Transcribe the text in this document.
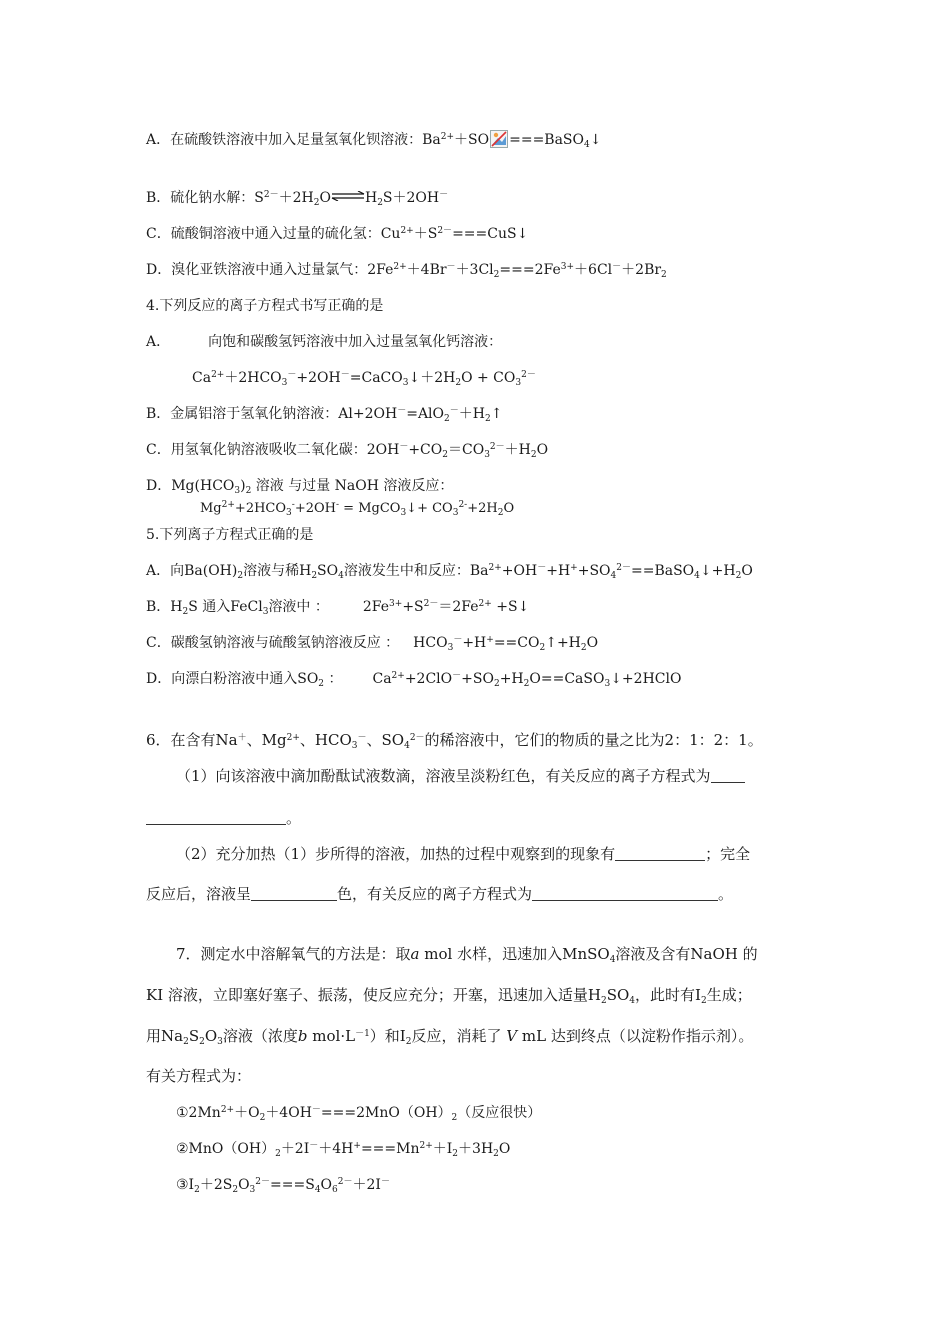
A．在硫酸铁溶液中加入足量氢氧化钡溶液：$Ba^{2+}+SO$ ===BaSO$_4$↓
B．硫化钠水解：$S^{2-}+2H_2O\rightleftharpoons H_2S+2OH^-$
C．硫酸铜溶液中通入过量的硫化氢：$Cu^{2+}+S^{2-}===CuS↓$
D．溴化亚铁溶液中通入过量氯气：$2Fe^{2+}+4Br^-+3Cl_2===2Fe^{3+}+6Cl^-+2Br_2$
4.下列反应的离子方程式书写正确的是
A．	向饱和碳酸氢钙溶液中加入过量氢氧化钙溶液：
$Ca^{2+}+2HCO_3^-+2OH^-=CaCO_3↓+2H_2O + CO_3^{2-}$
B．金属铝溶于氢氧化钠溶液：$Al+2OH^-=AlO_2^-+H_2↑$
C．用氢氧化钠溶液吸收二氧化碳：$2OH^-+CO_2=CO_3^{2-}+H_2O$
D．$Mg(HCO_3)_2$ 溶液 与过量 NaOH 溶液反应：
$Mg^{2+}+2HCO_3^-+2OH^-$ = MgCO$_3$↓+ $CO_3^{2-}+2H_2O$
5.下列离子方程式正确的是
A．向$Ba(OH)_2$溶液与稀$H_2SO_4$溶液发生中和反应：$Ba^{2+}+OH^-+H^++SO_4^{2-}==BaSO_4↓+H_2O$
B．$H_2S$ 通入FeCl$_3$溶液中 ： $2Fe^{3+}+S^{2-}=2Fe^{2+}$ +S↓
C．碳酸氢钠溶液与硫酸氢钠溶液反应 ： $HCO_3^-+H^+==CO_2↑+H_2O$
D．向漂白粉溶液中通入$SO_2$ ： $Ca^{2+}+2ClO^-+SO_2+H_2O==CaSO_3↓+2HClO$
6．在含有Na＋、$Mg^{2+}$、$HCO_3^-$、$SO_4^{2-}$的稀溶液中，它们的物质的量之比为2：1：2：1。
（1）向该溶液中滴加酚酞试液数滴，溶液呈淡粉红色，有关反应的离子方程式为
。
（2）充分加热（1）步所得的溶液，加热的过程中观察到的现象有	；完全
反应后，溶液呈	色，有关反应的离子方程式为	。
7．测定水中溶解氧气的方法是：取a mol 水样，迅速加入MnSO$_4$溶液及含有NaOH 的
KI 溶液，立即塞好塞子、振荡，使反应充分；开塞，迅速加入适量$H_2SO_4$，此时有$I_2$生成；
用$Na_2S_2O_3$溶液（浓度b $mol\cdot L^{-1}$）和$I_2$反应，消耗了 V mL 达到终点（以淀粉作指示剂）。
有关方程式为：
$①2Mn^{2+}+O_2+4OH^-===2MnO(OH)_2$（反应很快）
$②MnO(OH)_2+2I^-+4H^+===Mn^{2+}+I_2+3H_2O$
$③I_2+2S_2O_3^{2-}===S_4O_6^{2-}+2I^-$
